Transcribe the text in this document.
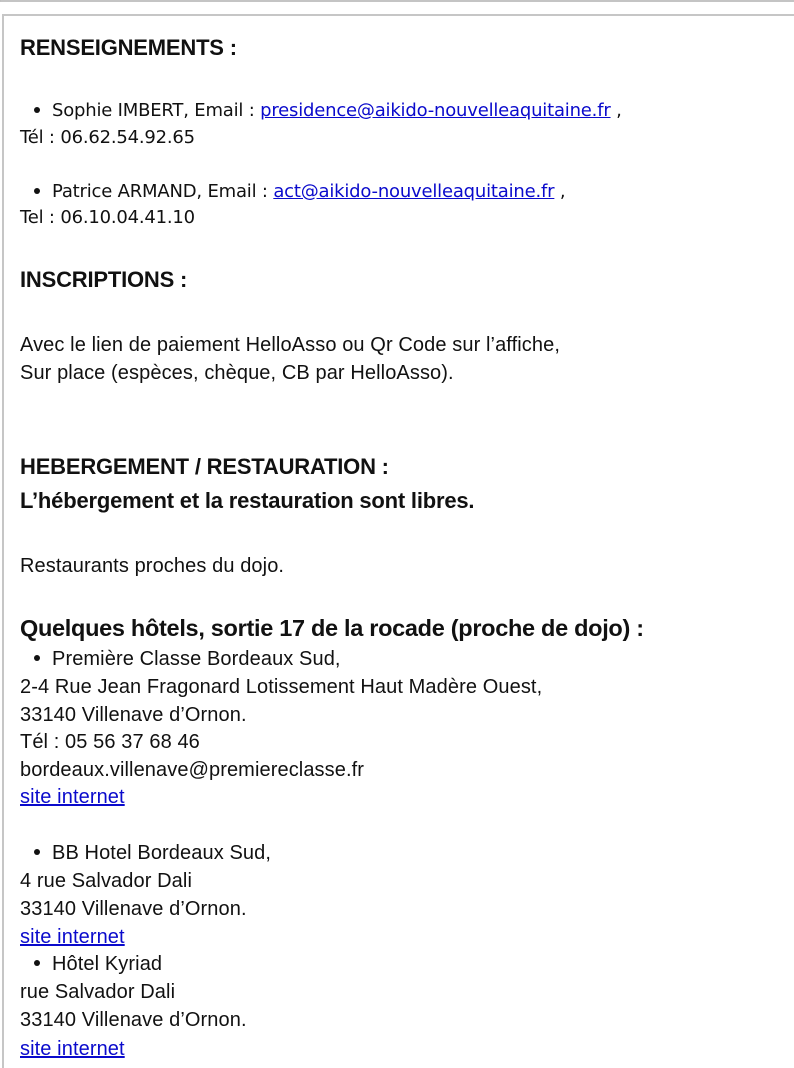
RENSEIGNEMENTS :
Sophie IMBERT, Email : presidence@aikido-nouvelleaquitaine.fr ,
Tél : 06.62.54.92.65
Patrice ARMAND, Email : act@aikido-nouvelleaquitaine.fr ,
Tel : 06.10.04.41.10
INSCRIPTIONS :
Avec le lien de paiement HelloAsso ou Qr Code sur l’affiche,
Sur place (espèces, chèque, CB par HelloAsso).
HEBERGEMENT / RESTAURATION :
L’hébergement et la restauration sont libres.
Restaurants proches du dojo.
Quelques hôtels, sortie 17 de la rocade (proche de dojo) :
Première Classe Bordeaux Sud,
2-4 Rue Jean Fragonard Lotissement Haut Madère Ouest,
33140 Villenave d’Ornon.
Tél : 05 56 37 68 46
bordeaux.villenave@premiereclasse.fr
site internet
BB Hotel Bordeaux Sud,
4 rue Salvador Dali
33140 Villenave d’Ornon.
site internet
Hôtel Kyriad
rue Salvador Dali
33140 Villenave d’Ornon.
site internet
